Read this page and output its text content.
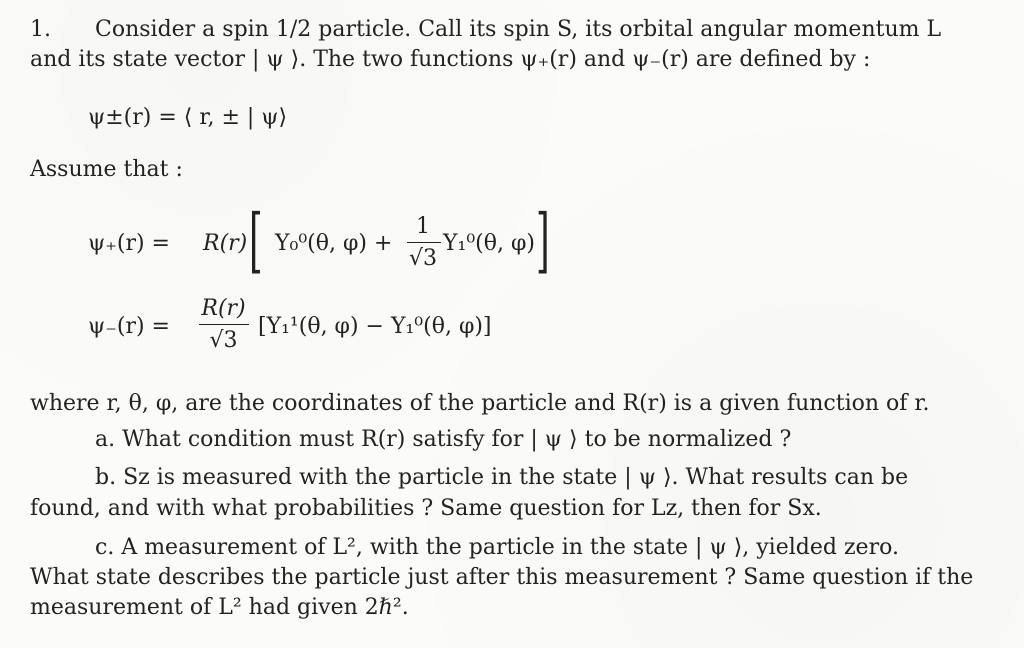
1. Consider a spin 1/2 particle. Call its spin S, its orbital angular momentum L
and its state vector | ψ ⟩. The two functions ψ₊(r) and ψ₋(r) are defined by :
ψ±(r) = ⟨ r, ± | ψ⟩
Assume that :
ψ₊(r) = R(r) [ Y₀⁰(θ, φ) +
1
√3
Y₁⁰(θ, φ) ]
ψ₋(r) =
R(r)
√3
[Y₁¹(θ, φ) − Y₁⁰(θ, φ)]
where r, θ, φ, are the coordinates of the particle and R(r) is a given function of r.
a. What condition must R(r) satisfy for | ψ ⟩ to be normalized ?
b. Sz is measured with the particle in the state | ψ ⟩. What results can be
found, and with what probabilities ? Same question for Lz, then for Sx.
c. A measurement of L², with the particle in the state | ψ ⟩, yielded zero.
What state describes the particle just after this measurement ? Same question if the
measurement of L² had given 2ℏ².
